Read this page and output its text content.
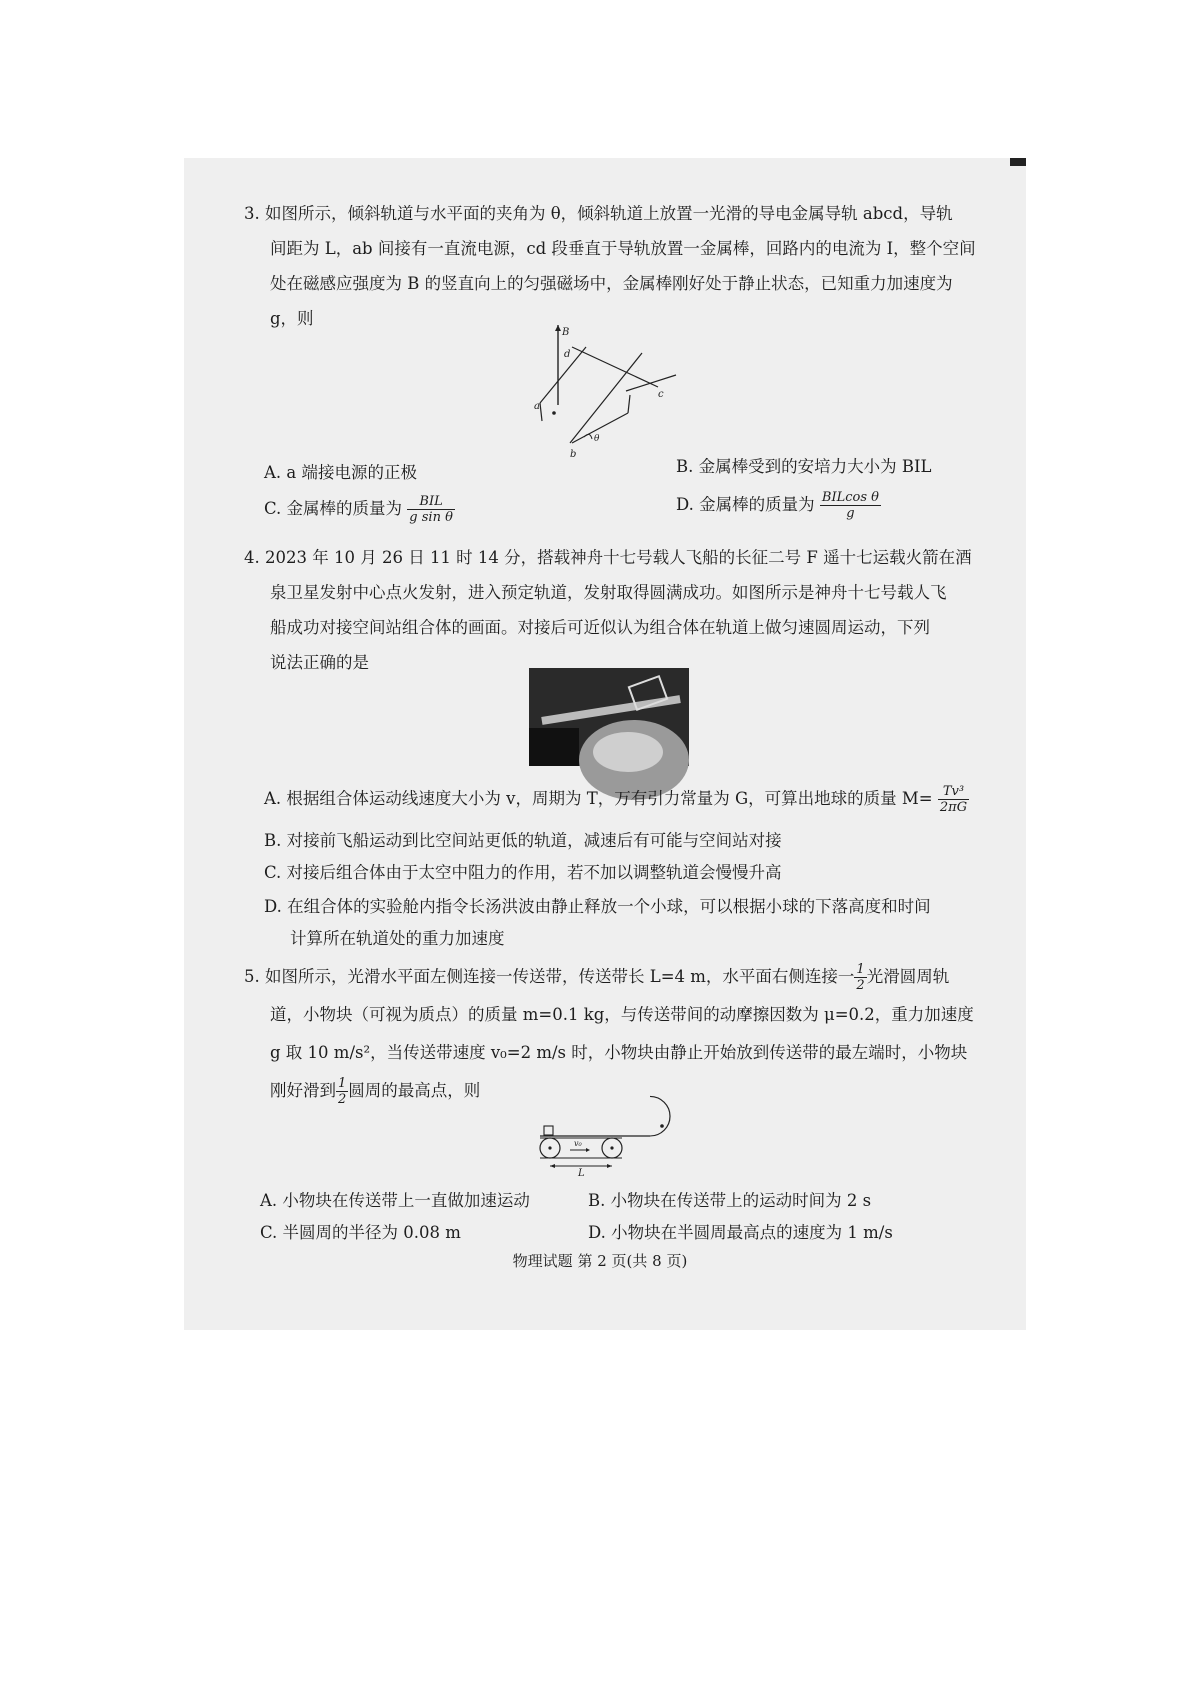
3. 如图所示，倾斜轨道与水平面的夹角为 θ，倾斜轨道上放置一光滑的导电金属导轨 abcd，导轨

间距为 L，ab 间接有一直流电源，cd 段垂直于导轨放置一金属棒，回路内的电流为 I，整个空间

处在磁感应强度为 B 的竖直向上的匀强磁场中，金属棒刚好处于静止状态，已知重力加速度为

g，则

B
a
b
c
d
θ
A. a 端接电源的正极	B. 金属棒受到的安培力大小为 BIL
C. 金属棒的质量为 $\frac{\text{BIL}}{\text{g sin θ}}$	D. 金属棒的质量为 $\frac{\text{BILcos θ}}{g}$

4. 2023 年 10 月 26 日 11 时 14 分，搭载神舟十七号载人飞船的长征二号 F 遥十七运载火箭在酒

泉卫星发射中心点火发射，进入预定轨道，发射取得圆满成功。如图所示是神舟十七号载人飞

船成功对接空间站组合体的画面。对接后可近似认为组合体在轨道上做匀速圆周运动，下列

说法正确的是

A. 根据组合体运动线速度大小为 v，周期为 T，万有引力常量为 G，可算出地球的质量 $M= \frac{\text{Tv³}}{2\pi G}$
B. 对接前飞船运动到比空间站更低的轨道，减速后有可能与空间站对接
C. 对接后组合体由于太空中阻力的作用，若不加以调整轨道会慢慢升高
D. 在组合体的实验舱内指令长汤洪波由静止释放一个小球，可以根据小球的下落高度和时间
计算所在轨道处的重力加速度

5. 如图所示，光滑水平面左侧连接一传送带，传送带长 L=4 m，水平面右侧连接一 $\frac{1}{2}$ 光滑圆周轨

道，小物块（可视为质点）的质量 m=0.1 kg，与传送带间的动摩擦因数为 μ=0.2，重力加速度

g 取 10 m/s²，当传送带速度 v₀=2 m/s 时，小物块由静止开始放到传送带的最左端时，小物块

刚好滑到 $\frac{1}{2}$ 圆周的最高点，则

v₀
L
A. 小物块在传送带上一直做加速运动	B. 小物块在传送带上的运动时间为 2 s
C. 半圆周的半径为 0.08 m	D. 小物块在半圆周最高点的速度为 1 m/s
物理试题 第 2 页(共 8 页)
